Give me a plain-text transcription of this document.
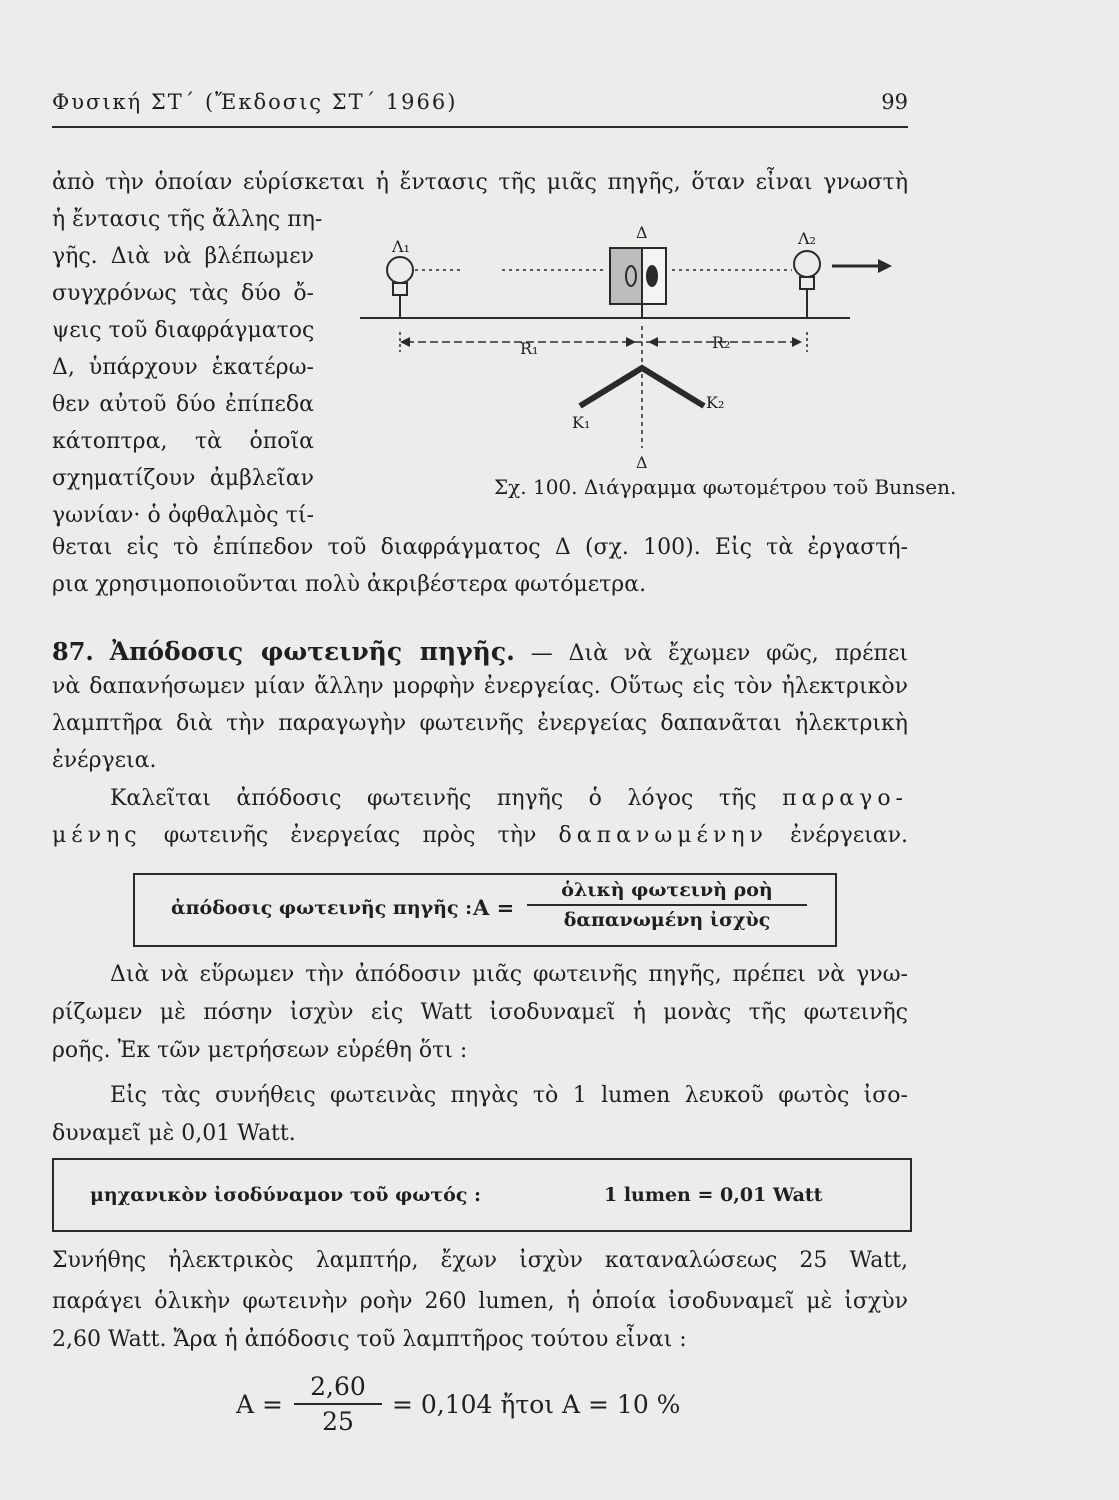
Φυσική ΣΤ΄ (Ἔκδοσις ΣΤ΄ 1966)	99
ἀπὸ τὴν ὁποίαν εὑρίσκεται ἡ ἔντασις τῆς μιᾶς πηγῆς, ὅταν εἶναι γνωστὴ
ἡ ἔντασις τῆς ἄλλης πη-
γῆς. Διὰ νὰ βλέπωμεν
συγχρόνως τὰς δύο ὄ-
ψεις τοῦ διαφράγματος
Δ, ὑπάρχουν ἑκατέρω-
θεν αὐτοῦ δύο ἐπίπεδα
κάτοπτρα, τὰ ὁποῖα
σχηματίζουν ἀμβλεῖαν
γωνίαν· ὁ ὀφθαλμὸς τί-
θεται εἰς τὸ ἐπίπεδον τοῦ διαφράγματος Δ (σχ. 100). Εἰς τὰ ἐργαστή-
ρια χρησιμοποιοῦνται πολὺ ἀκριβέστερα φωτόμετρα.
Λ₁	Λ₂
Δ
R₁	R₂
K₁
K₂
Δ
Σχ. 100. Διάγραμμα φωτομέτρου τοῦ Bunsen.
87. Ἀπόδοσις φωτεινῆς πηγῆς. — Διὰ νὰ ἔχωμεν φῶς, πρέπει
νὰ δαπανήσωμεν μίαν ἄλλην μορφὴν ἐνεργείας. Οὕτως εἰς τὸν ἠλεκτρικὸν
λαμπτῆρα διὰ τὴν παραγωγὴν φωτεινῆς ἐνεργείας δαπανᾶται ἠλεκτρικὴ
ἐνέργεια.
Καλεῖται ἀπόδοσις φωτεινῆς πηγῆς ὁ λόγος τῆς παραγο-
μένης φωτεινῆς ἐνεργείας πρὸς τὴν δαπανωμένην ἐνέργειαν.
ἀπόδοσις φωτεινῆς πηγῆς : A =
ὁλικὴ φωτεινὴ ροὴ
δαπανωμένη ἰσχὺς
Διὰ νὰ εὕρωμεν τὴν ἀπόδοσιν μιᾶς φωτεινῆς πηγῆς, πρέπει νὰ γνω-
ρίζωμεν μὲ πόσην ἰσχὺν εἰς Watt ἰσοδυναμεῖ ἡ μονὰς τῆς φωτεινῆς
ροῆς. Ἐκ τῶν μετρήσεων εὑρέθη ὅτι :
Εἰς τὰς συνήθεις φωτεινὰς πηγὰς τὸ 1 lumen λευκοῦ φωτὸς ἰσο-
δυναμεῖ μὲ 0,01 Watt.
μηχανικὸν ἰσοδύναμον τοῦ φωτός :	1 lumen = 0,01 Watt
Συνήθης ἠλεκτρικὸς λαμπτήρ, ἔχων ἰσχὺν καταναλώσεως 25 Watt,
παράγει ὁλικὴν φωτεινὴν ροὴν 260 lumen, ἡ ὁποία ἰσοδυναμεῖ μὲ ἰσχὺν
2,60 Watt. Ἄρα ἡ ἀπόδοσις τοῦ λαμπτῆρος τούτου εἶναι :
A =
2,60
25
= 0,104 ἤτοι A = 10 %
